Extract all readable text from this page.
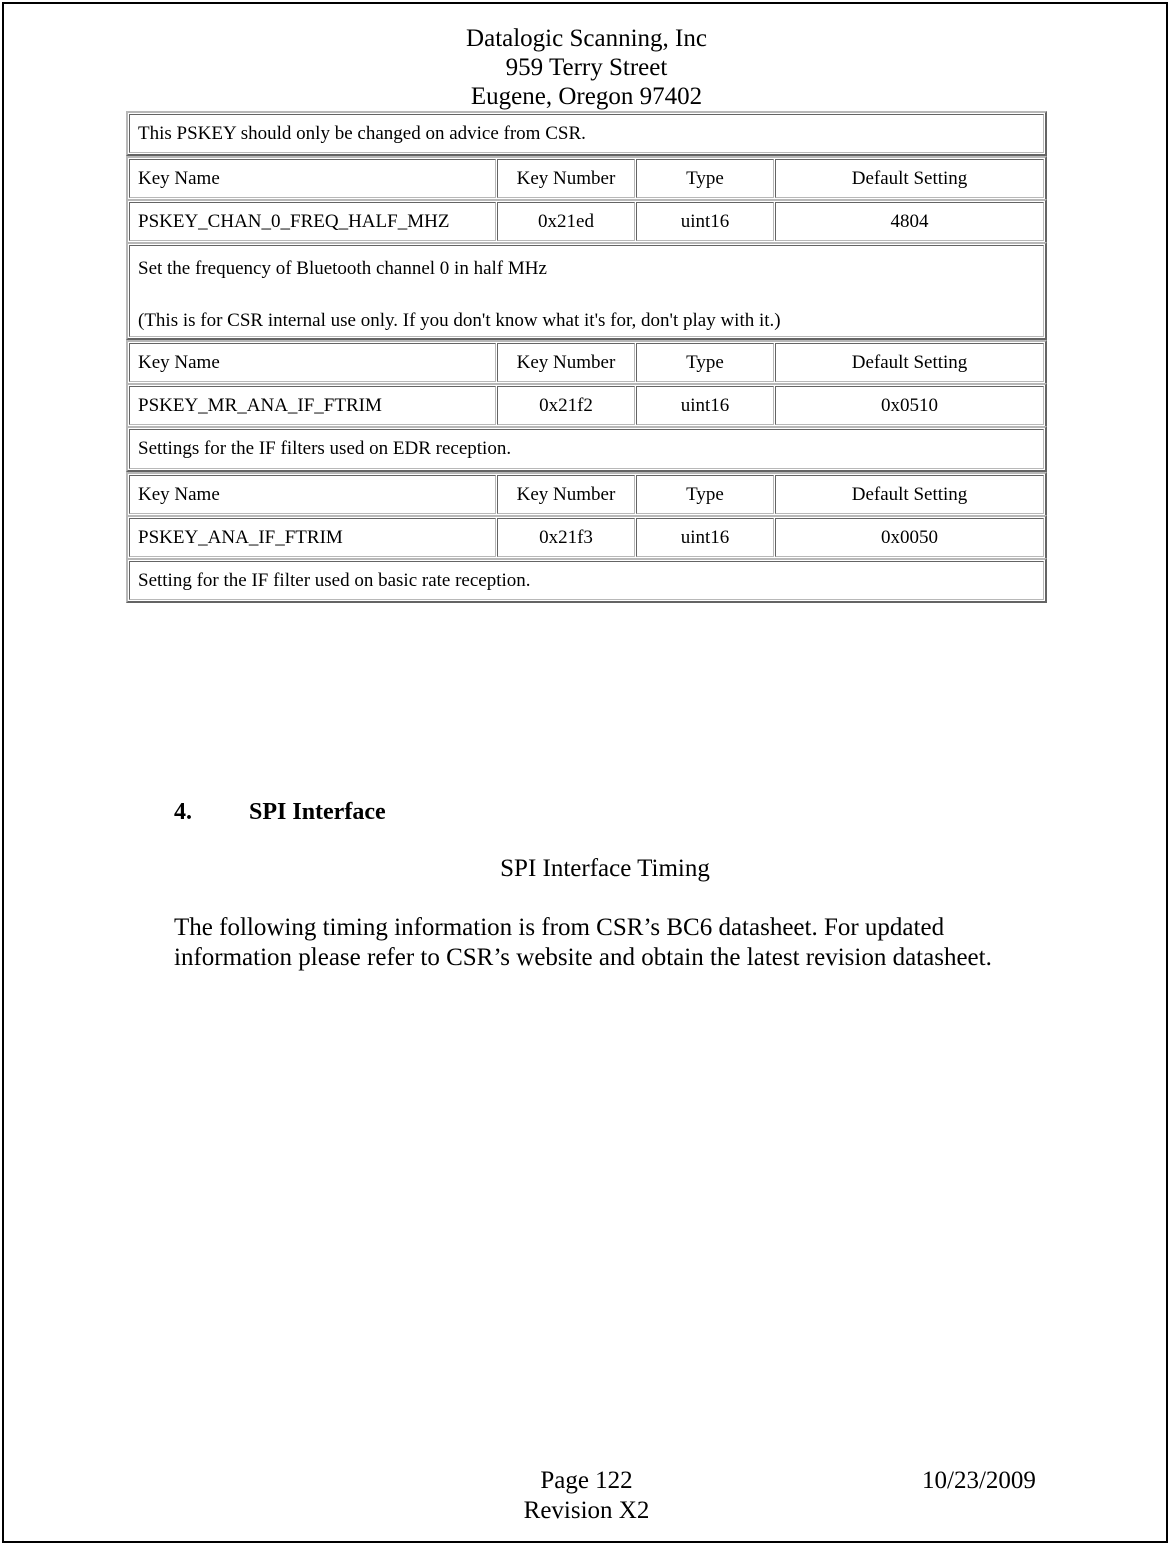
Datalogic Scanning, Inc
959 Terry Street
Eugene, Oregon 97402
This PSKEY should only be changed on advice from CSR.
Key Name	Key Number	Type	Default Setting
PSKEY_CHAN_0_FREQ_HALF_MHZ	0x21ed	uint16	4804
Set the frequency of Bluetooth channel 0 in half MHz
(This is for CSR internal use only. If you don't know what it's for, don't play with it.)
Key Name	Key Number	Type	Default Setting
PSKEY_MR_ANA_IF_FTRIM	0x21f2	uint16	0x0510
Settings for the IF filters used on EDR reception.
Key Name	Key Number	Type	Default Setting
PSKEY_ANA_IF_FTRIM	0x21f3	uint16	0x0050
Setting for the IF filter used on basic rate reception.
4. SPI Interface
SPI Interface Timing
The following timing information is from CSR’s BC6 datasheet. For updated information please refer to CSR’s website and obtain the latest revision datasheet.
Page 122
Revision X2
10/23/2009
